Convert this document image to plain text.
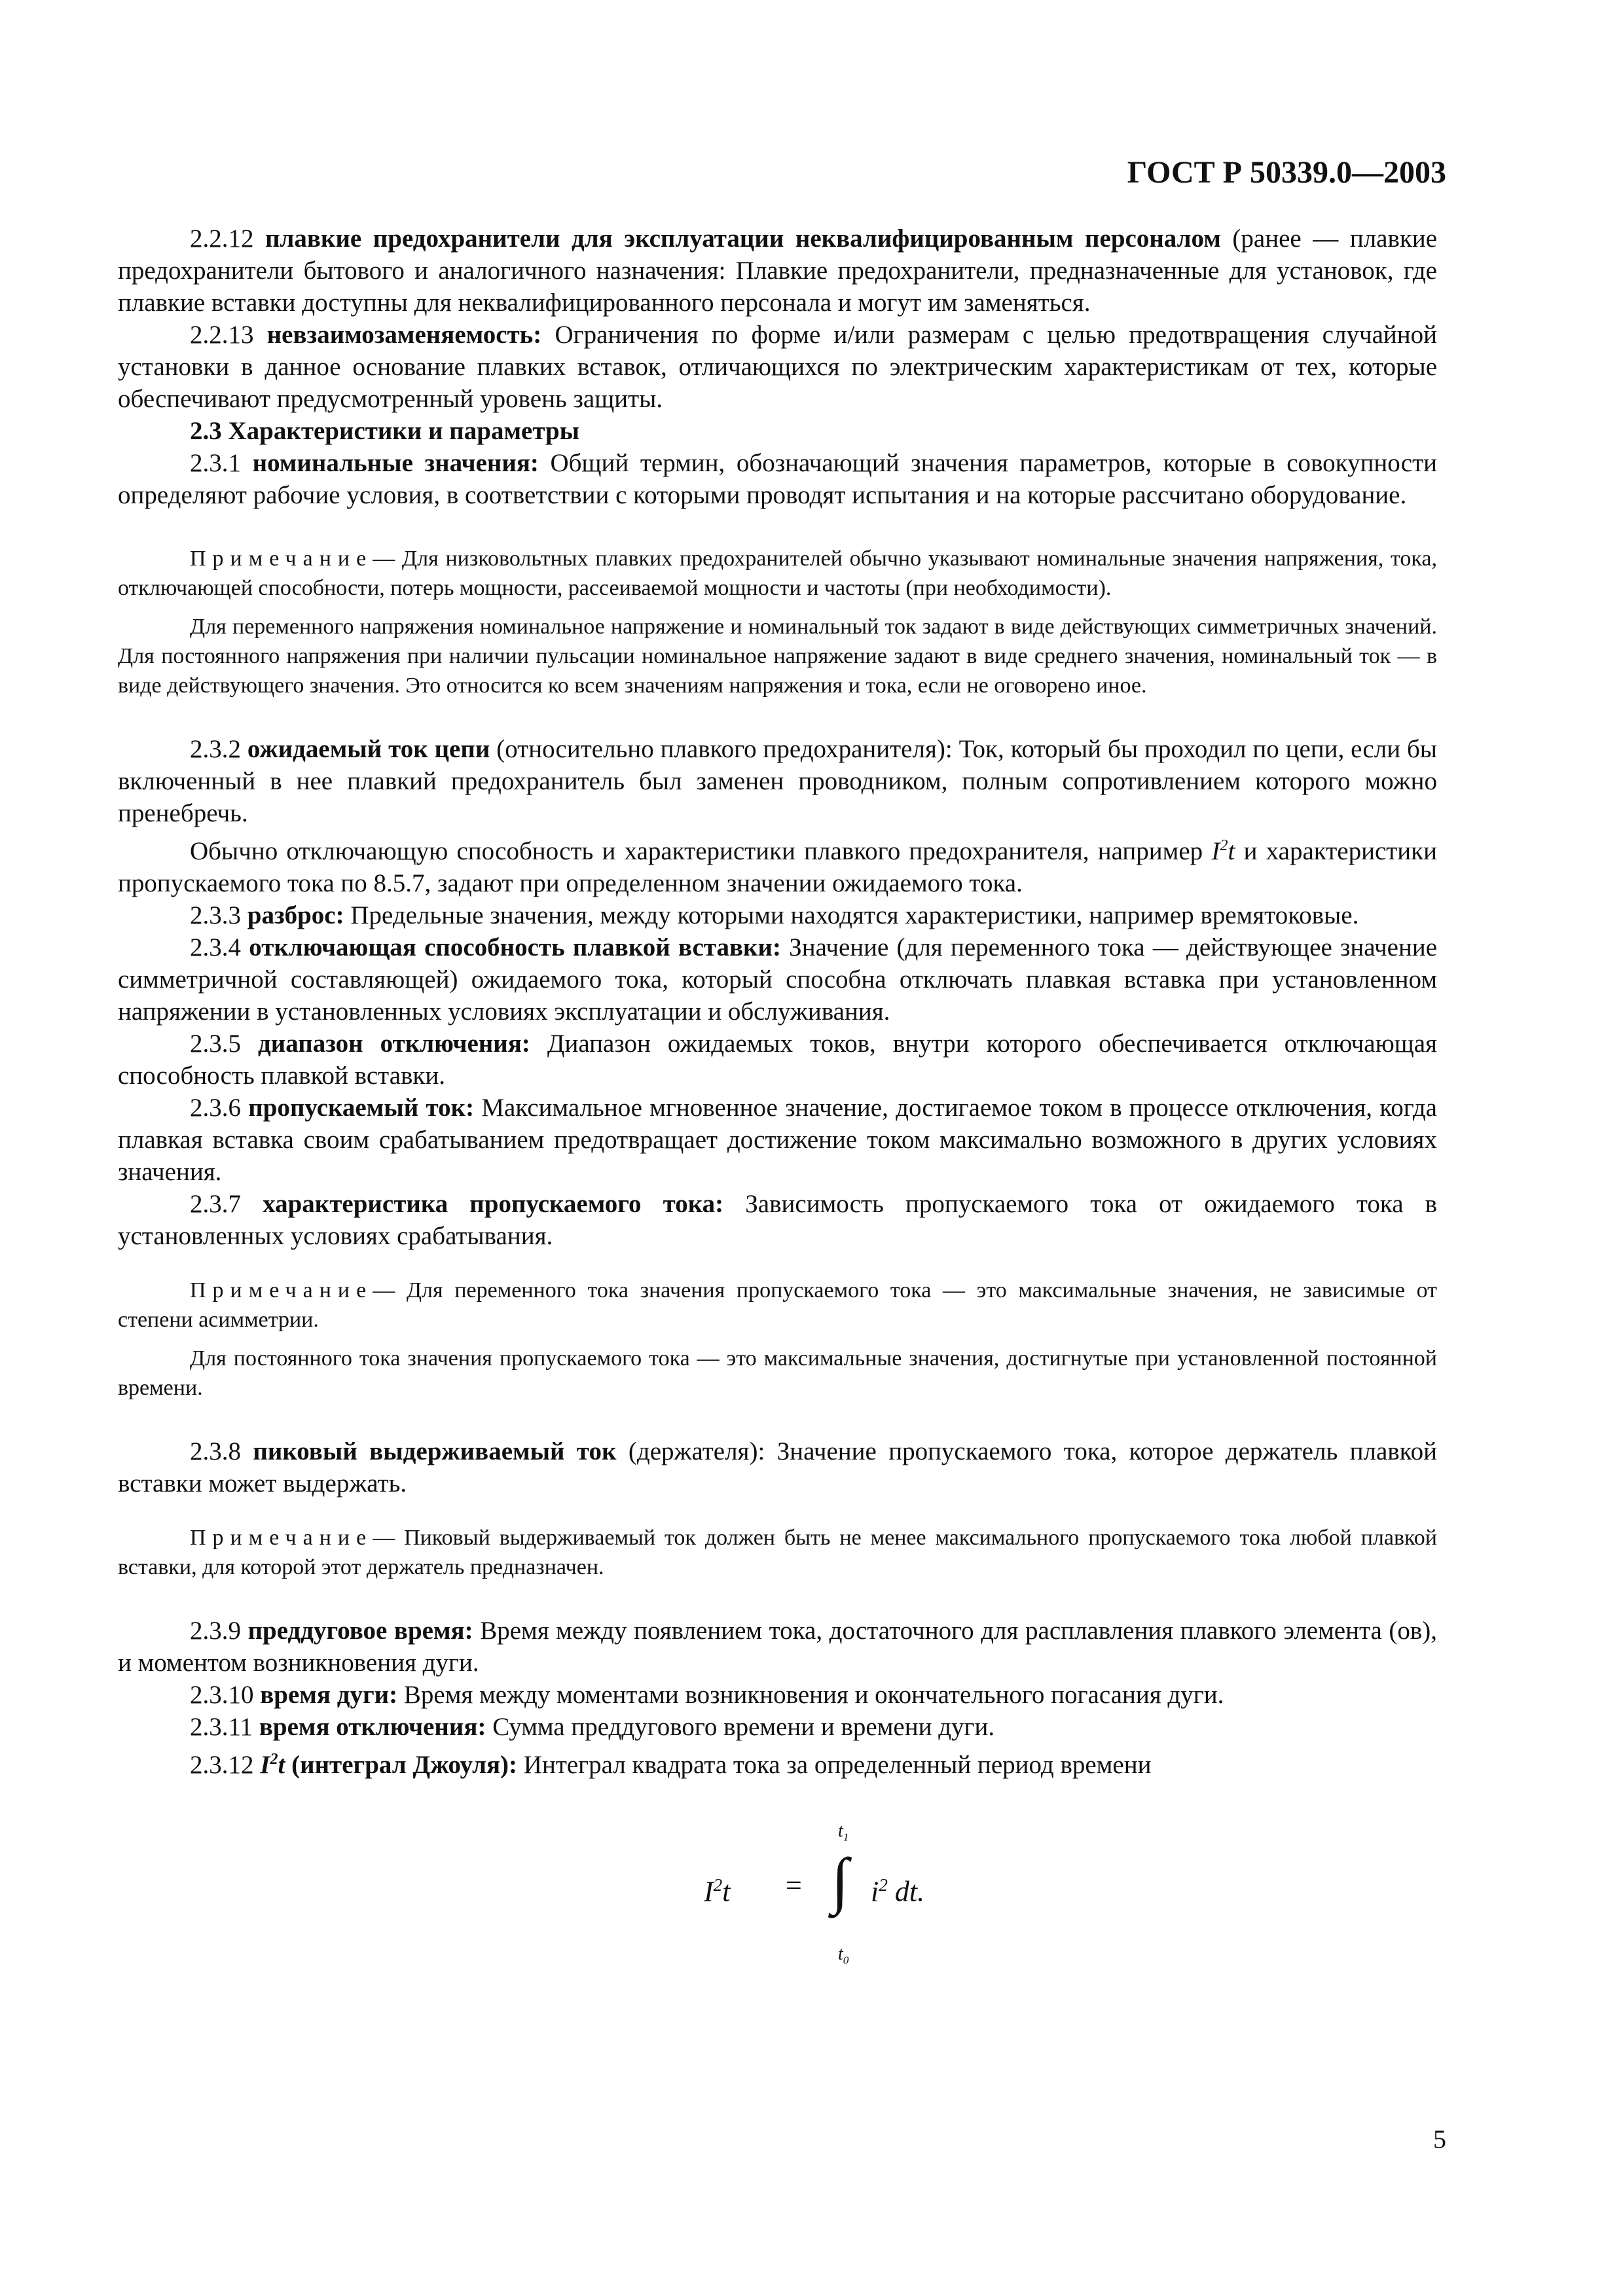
ГОСТ Р 50339.0—2003

2.2.12 плавкие предохранители для эксплуатации неквалифицированным персоналом (ранее — плавкие предохранители бытового и аналогичного назначения: Плавкие предохранители, предназначенные для установок, где плавкие вставки доступны для неквалифицированного персонала и могут им заменяться.

2.2.13 невзаимозаменяемость: Ограничения по форме и/или размерам с целью предотвращения случайной установки в данное основание плавких вставок, отличающихся по электрическим характеристикам от тех, которые обеспечивают предусмотренный уровень защиты.

2.3 Характеристики и параметры

2.3.1 номинальные значения: Общий термин, обозначающий значения параметров, которые в совокупности определяют рабочие условия, в соответствии с которыми проводят испытания и на которые рассчитано оборудование.

Примечание— Для низковольтных плавких предохранителей обычно указывают номинальные значения напряжения, тока, отключающей способности, потерь мощности, рассеиваемой мощности и частоты (при необходимости).

Для переменного напряжения номинальное напряжение и номинальный ток задают в виде действующих симметричных значений. Для постоянного напряжения при наличии пульсации номинальное напряжение задают в виде среднего значения, номинальный ток — в виде действующего значения. Это относится ко всем значениям напряжения и тока, если не оговорено иное.

2.3.2 ожидаемый ток цепи (относительно плавкого предохранителя): Ток, который бы проходил по цепи, если бы включенный в нее плавкий предохранитель был заменен проводником, полным сопротивлением которого можно пренебречь.

Обычно отключающую способность и характеристики плавкого предохранителя, например $I^2t$ и характеристики пропускаемого тока по 8.5.7, задают при определенном значении ожидаемого тока.

2.3.3 разброс: Предельные значения, между которыми находятся характеристики, например времятоковые.

2.3.4 отключающая способность плавкой вставки: Значение (для переменного тока — действующее значение симметричной составляющей) ожидаемого тока, который способна отключать плавкая вставка при установленном напряжении в установленных условиях эксплуатации и обслуживания.

2.3.5 диапазон отключения: Диапазон ожидаемых токов, внутри которого обеспечивается отключающая способность плавкой вставки.

2.3.6 пропускаемый ток: Максимальное мгновенное значение, достигаемое током в процессе отключения, когда плавкая вставка своим срабатыванием предотвращает достижение током максимально возможного в других условиях значения.

2.3.7 характеристика пропускаемого тока: Зависимость пропускаемого тока от ожидаемого тока в установленных условиях срабатывания.

Примечание— Для переменного тока значения пропускаемого тока — это максимальные значения, не зависимые от степени асимметрии.

Для постоянного тока значения пропускаемого тока — это максимальные значения, достигнутые при установленной постоянной времени.

2.3.8 пиковый выдерживаемый ток (держателя): Значение пропускаемого тока, которое держатель плавкой вставки может выдержать.

Примечание— Пиковый выдерживаемый ток должен быть не менее максимального пропускаемого тока любой плавкой вставки, для которой этот держатель предназначен.

2.3.9 преддуговое время: Время между появлением тока, достаточного для расплавления плавкого элемента (ов), и моментом возникновения дуги.

2.3.10 время дуги: Время между моментами возникновения и окончательного погасания дуги.

2.3.11 время отключения: Сумма преддугового времени и времени дуги.

2.3.12 $I^2t$ (интеграл Джоуля): Интеграл квадрата тока за определенный период времени

$t_1$
$I^2t$ = ∫ $i^2$ dt.
$t_0$
5
